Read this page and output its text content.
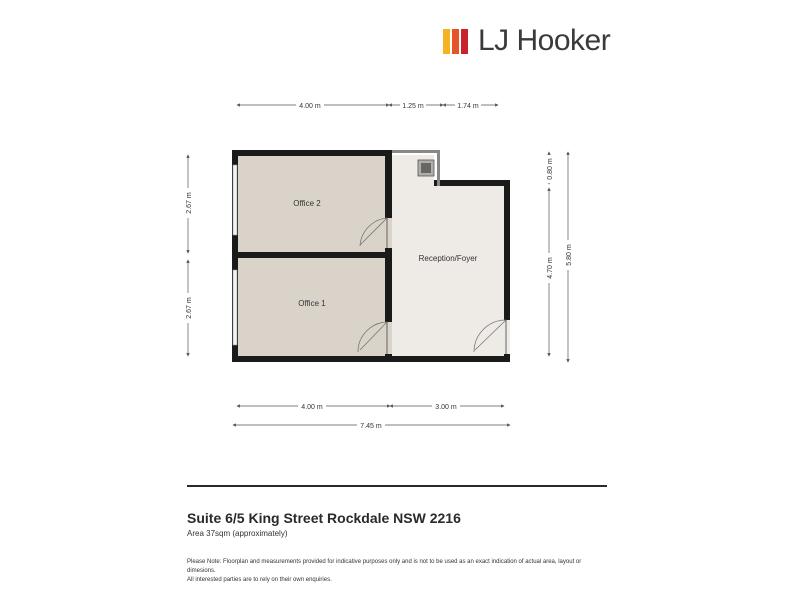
LJ Hooker
Office 2
Office 1
Reception/Foyer
4.00 m	1.25 m	1.74 m
2.67 m
2.67 m
0.80 m
4.70 m
5.80 m
4.00 m	3.00 m
7.45 m
Suite 6/5 King Street Rockdale NSW 2216
Area 37sqm (approximately)
Please Note: Floorplan and measurements provided for indicative purposes only and is not to be used as an exact indication of actual area, layout or dimesions.
All interested parties are to rely on their own enquiries.
